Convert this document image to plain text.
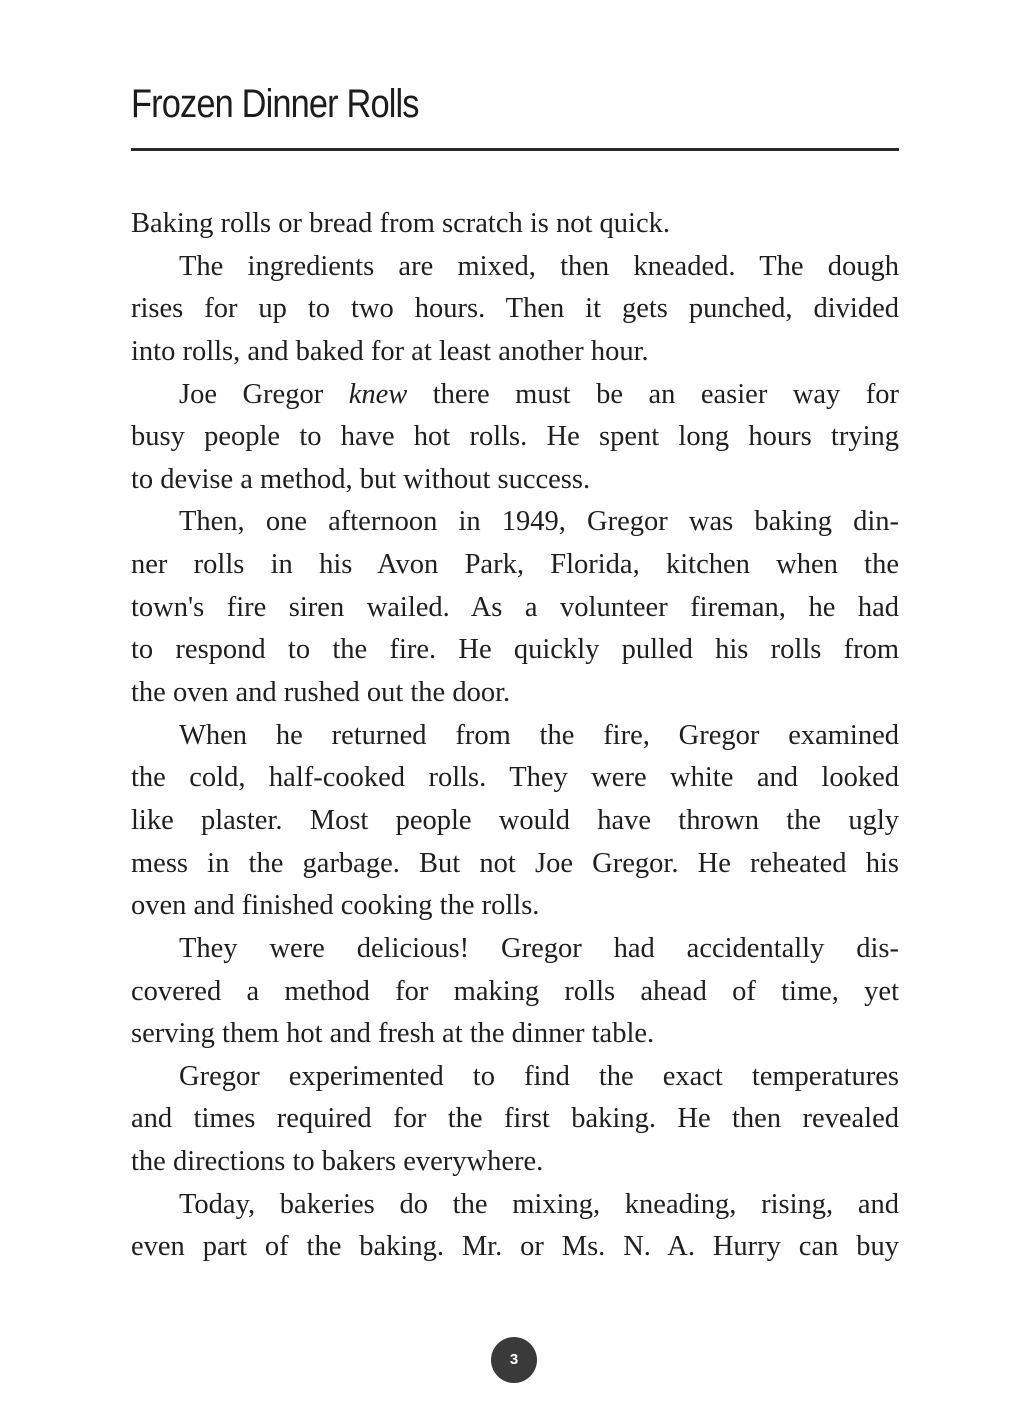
Frozen Dinner Rolls
Baking rolls or bread from scratch is not quick.
The ingredients are mixed, then kneaded. The dough
rises for up to two hours. Then it gets punched, divided
into rolls, and baked for at least another hour.
Joe Gregor knew there must be an easier way for
busy people to have hot rolls. He spent long hours trying
to devise a method, but without success.
Then, one afternoon in 1949, Gregor was baking din-
ner rolls in his Avon Park, Florida, kitchen when the
town's fire siren wailed. As a volunteer fireman, he had
to respond to the fire. He quickly pulled his rolls from
the oven and rushed out the door.
When he returned from the fire, Gregor examined
the cold, half-cooked rolls. They were white and looked
like plaster. Most people would have thrown the ugly
mess in the garbage. But not Joe Gregor. He reheated his
oven and finished cooking the rolls.
They were delicious! Gregor had accidentally dis-
covered a method for making rolls ahead of time, yet
serving them hot and fresh at the dinner table.
Gregor experimented to find the exact temperatures
and times required for the first baking. He then revealed
the directions to bakers everywhere.
Today, bakeries do the mixing, kneading, rising, and
even part of the baking. Mr. or Ms. N. A. Hurry can buy
3
